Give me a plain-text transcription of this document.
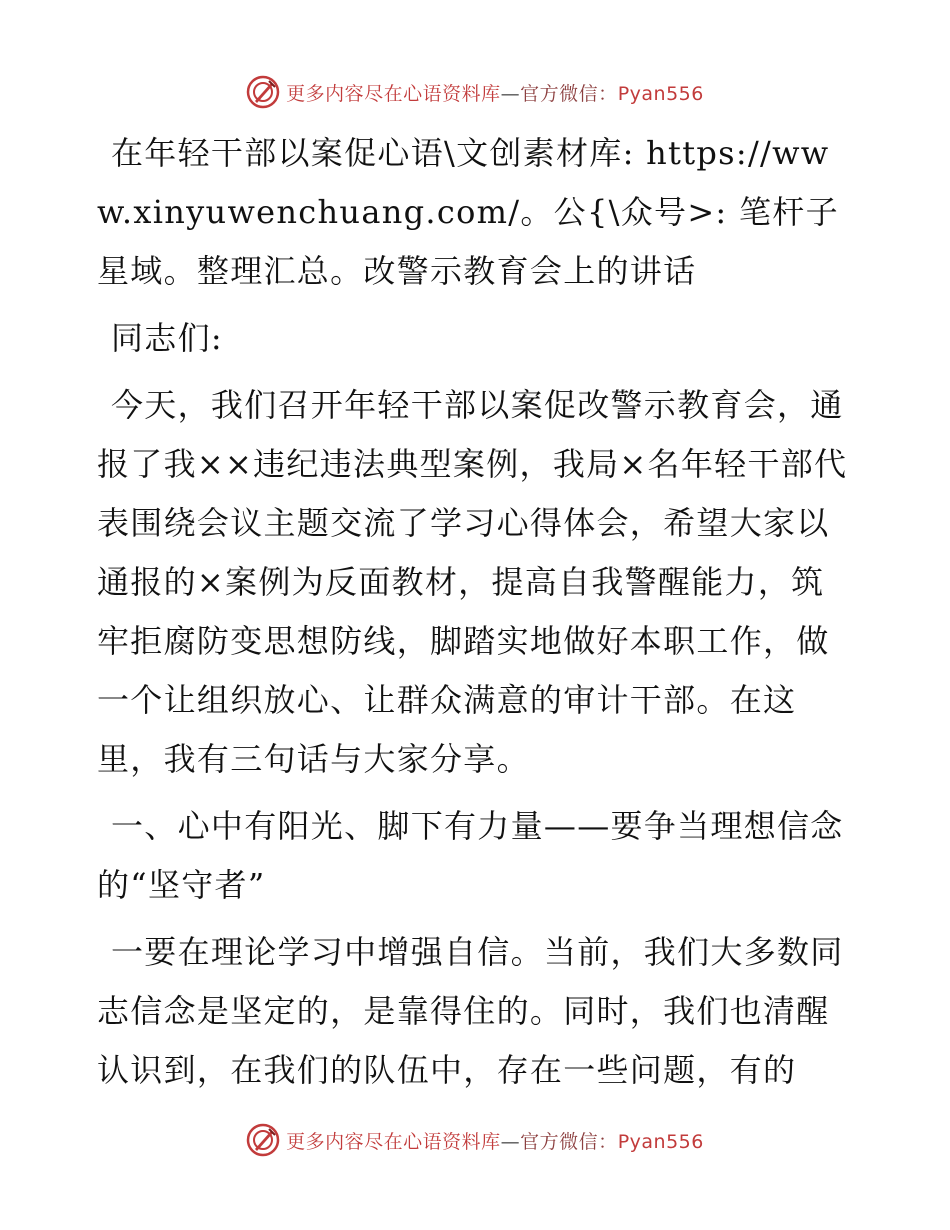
更多内容尽在心语资料库—官方微信：Pyan556

在年轻干部以案促心语\文创素材库: https://www.xinyuwenchuang.com/。公{\众号>: 笔杆子星域。整理汇总。改警示教育会上的讲话

同志们:

今天，我们召开年轻干部以案促改警示教育会，通报了我××违纪违法典型案例，我局×名年轻干部代表围绕会议主题交流了学习心得体会，希望大家以通报的×案例为反面教材，提高自我警醒能力，筑牢拒腐防变思想防线，脚踏实地做好本职工作，做一个让组织放心、让群众满意的审计干部。在这里，我有三句话与大家分享。

一、心中有阳光、脚下有力量——要争当理想信念的“坚守者”

一要在理论学习中增强自信。当前，我们大多数同志信念是坚定的，是靠得住的。同时，我们也清醒认识到，在我们的队伍中，存在一些问题，有的

更多内容尽在心语资料库—官方微信：Pyan556
